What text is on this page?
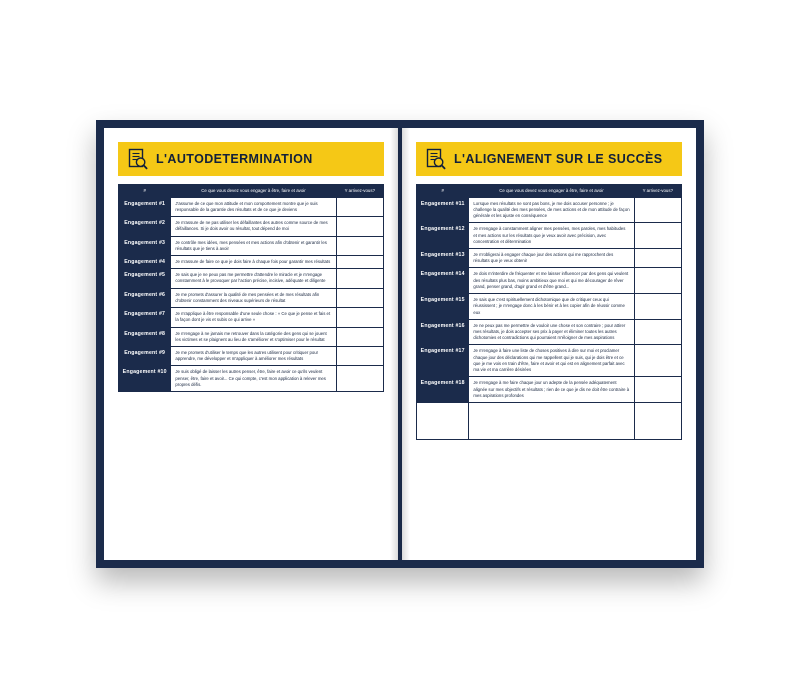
L'AUTODETERMINATION
#	Ce que vous devez vous engager à être, faire et avoir	Y arrivez-vous?
Engagement #1	J'assume de ce que mon attitude et mon comportement montre que je suis responsable de la garantie des résultats et de ce que je deviens	
Engagement #2	Je m'assure de ne pas utiliser les défaillantes des autres comme source de mes défaillances. Si je dois avoir ou résultat, tout dépend de moi	
Engagement #3	Je contrôle mes idées, mes pensées et mes actions afin d'obtenir et garantir les résultats que je tiens à avoir	
Engagement #4	Je m'assure de faire ce que je dois faire à chaque fois pour garantir mes résultats	
Engagement #5	Je sais que je ne peux pas me permettre d'attendre le miracle et je m'engage constamment à le provoquer par l'action précise, incisive, adéquate et diligente	
Engagement #6	Je me promets d'assurer la qualité de mes pensées et de mes résultats afin d'obtenir constamment des niveaux supérieurs de résultat	
Engagement #7	Je m'applique à être responsable d'une seule chose : « Ce que je pense et fais et la façon dont je vis et subis ce qui arrive »	
Engagement #8	Je m'engage à ne jamais me retrouver dans la catégorie des gens qui se jouent les victimes et se plaignent au lieu de s'améliorer et s'optimiser pour le résultat	
Engagement #9	Je me promets d'utiliser le temps que les autres utilisent pour critiquer pour apprendre, me développer et m'appliquer à améliorer mes résultats	
Engagement #10	Je suis obligé de laisser les autres penser, être, faire et avoir ce qu'ils veulent penser, être, faire et avoir... Ce qui compte, c'est mon application à relever mes propres défis.	
L'ALIGNEMENT SUR LE SUCCÈS
#	Ce que vous devez vous engager à être, faire et avoir	Y arrivez-vous?
Engagement #11	Lorsque mes résultats ne sont pas bons, je me dois accuser personne ; je challenge la qualité des mes pensées, de mes actions et de mon attitude de façon générale et les ajuste en conséquence	
Engagement #12	Je m'engage à constamment aligner mes pensées, mes paroles, mes habitudes et mes actions sur les résultats que je veux avoir avec précision, avec concentration et détermination	
Engagement #13	Je m'obligerai à engager chaque jour des actions qui me rapprochent des résultats que je veux obtenir	
Engagement #14	Je dois m'interdire de fréquenter et me laisser influencer par des gens qui veulent des résultats plus bas, moins ambitieux que moi et qui me décourager de rêver grand, penser grand, d'agir grand et d'être grand...	
Engagement #15	Je sais que c'est spirituellement dichotomique que de critiquer ceux qui réussissent ; je m'engage donc à les bénir et à les copier afin de réussir comme eux	
Engagement #16	Je ne peux pas me permettre de vouloir une chose et son contraire ; pour attirer mes résultats, je dois accepter ses prix à payer et éliminer toutes les autres dichotomies et contradictions qui pourraient m'éloigner de mes aspirations	
Engagement #17	Je m'engage à faire une liste de choses positives à dire sur moi et proclamer chaque jour des déclarations qui me rappellent qui je suis, qui je dois être et ce que je me vois en train d'être, faire et avoir et qui est en alignement parfait avec ma vie et ma carrière désirées	
Engagement #18	Je m'engage à me faire chaque jour un adepte de la pensée adéquatement alignée sur mes objectifs et résultats ; rien de ce que je dis ne doit être contraire à mes aspirations profondes	
